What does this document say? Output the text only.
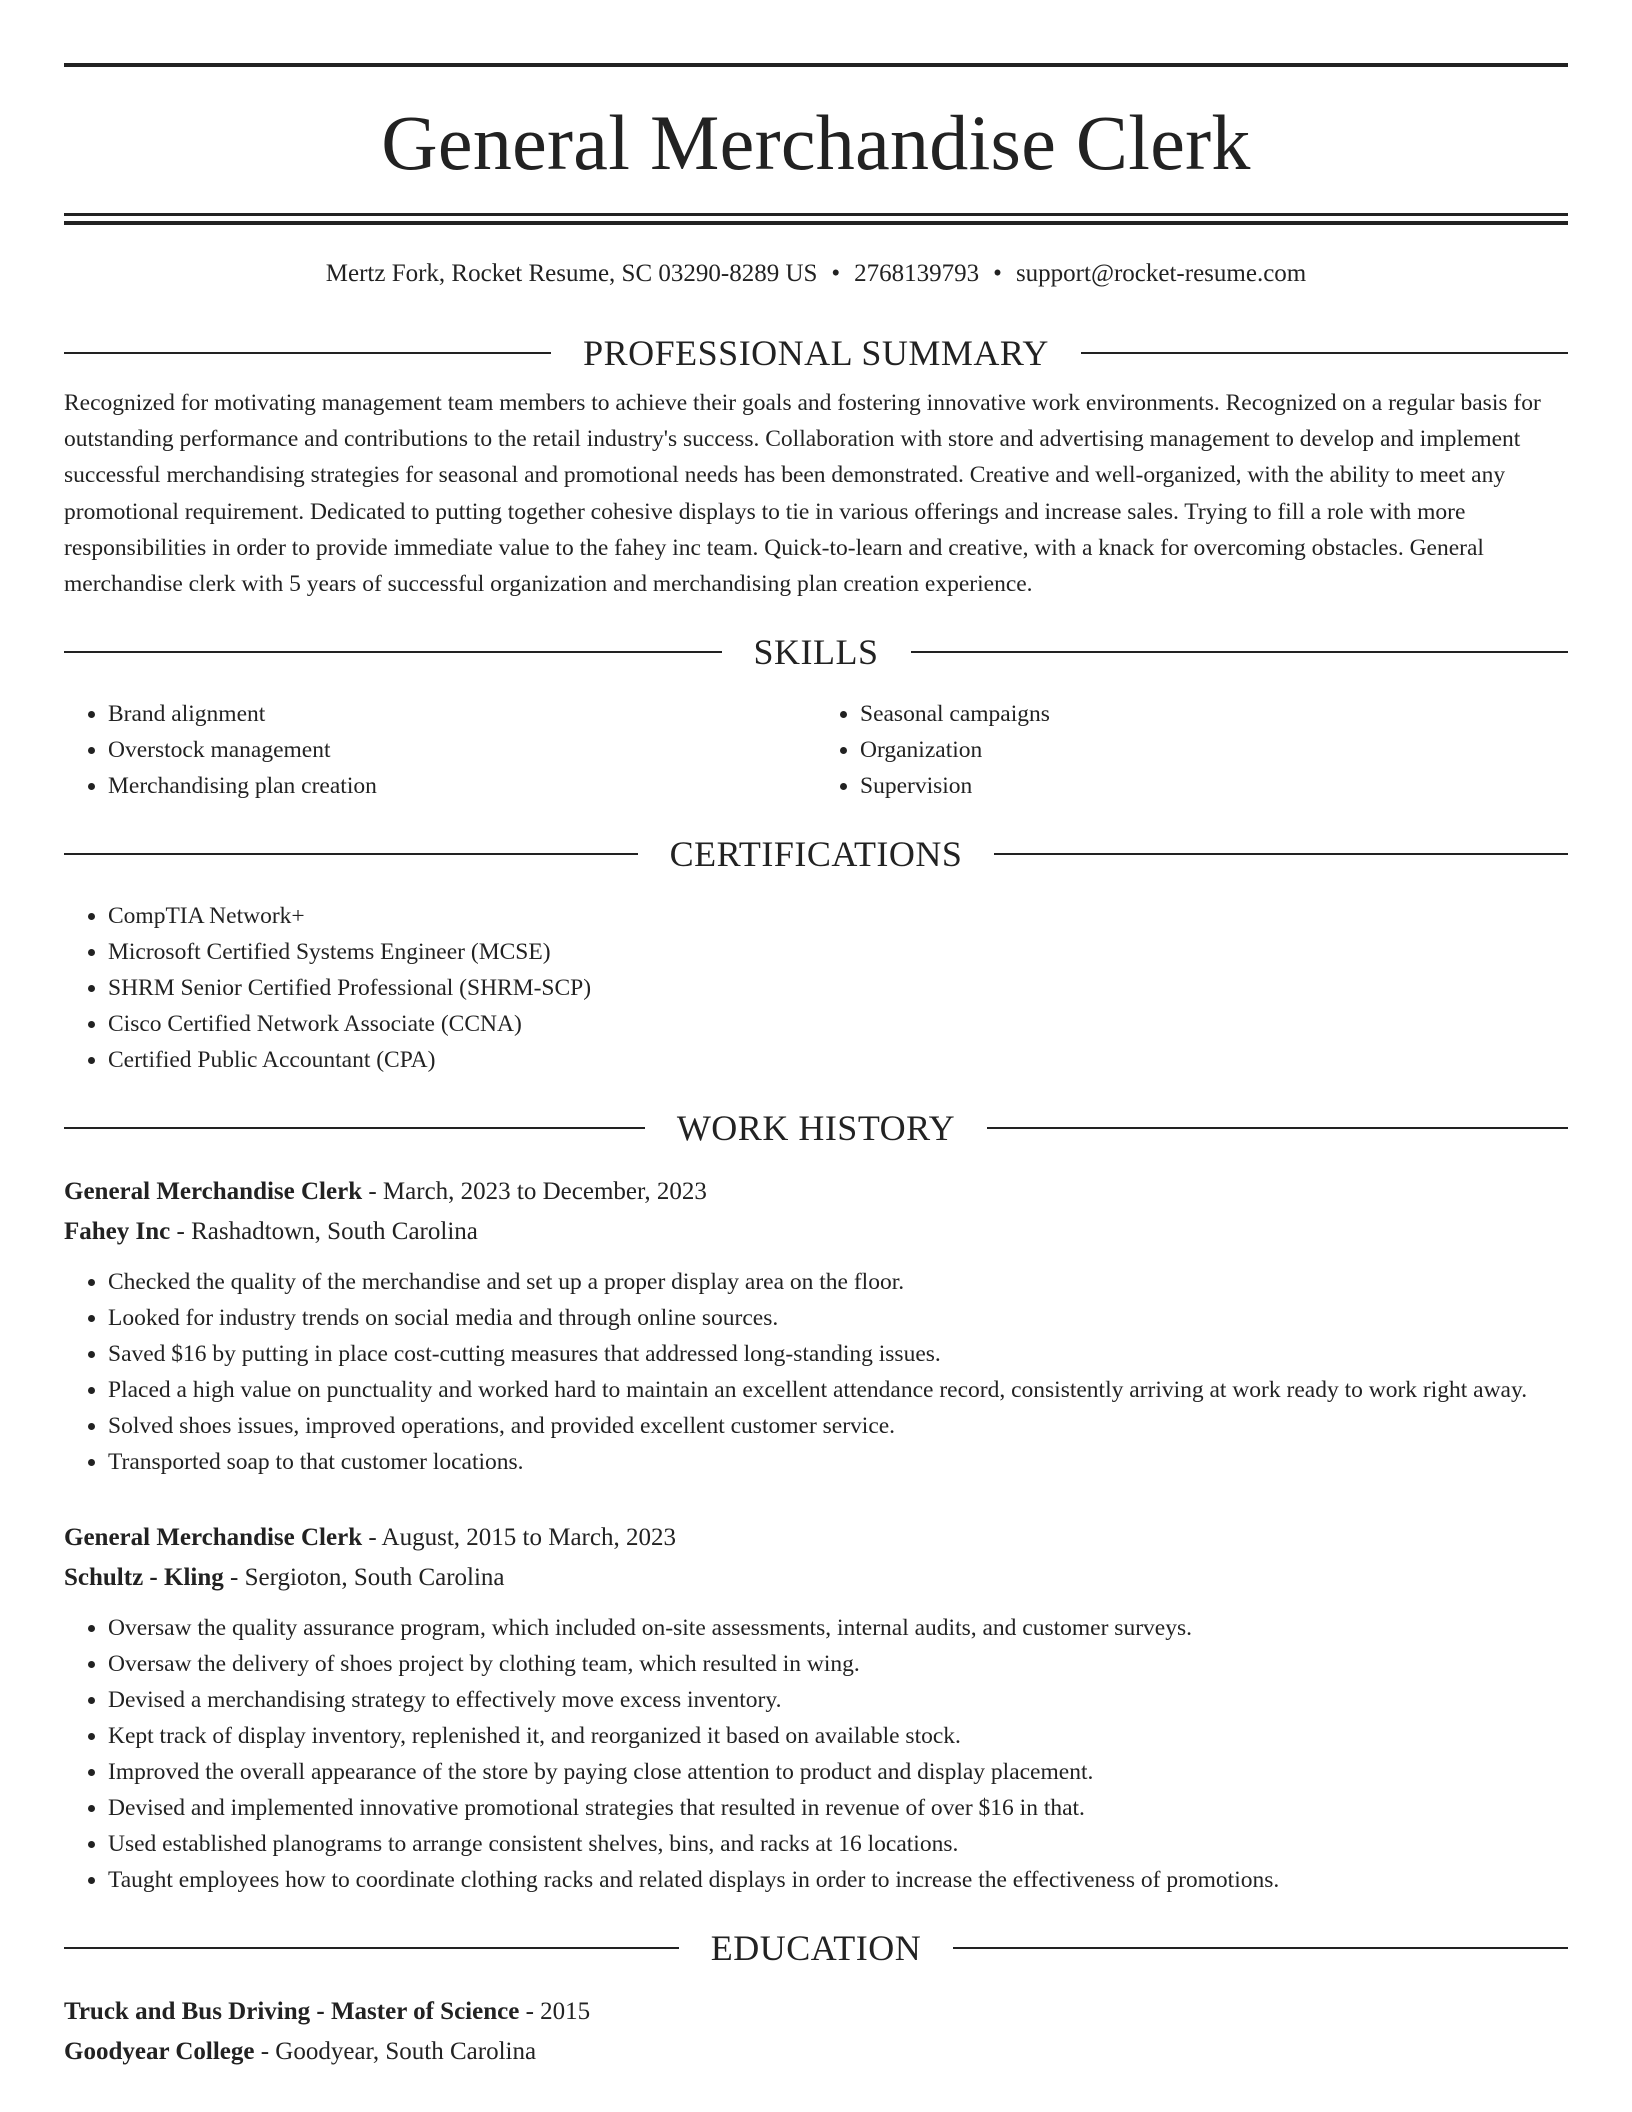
General Merchandise Clerk
Mertz Fork, Rocket Resume, SC 03290-8289 US • 2768139793 • support@rocket-resume.com
PROFESSIONAL SUMMARY
Recognized for motivating management team members to achieve their goals and fostering innovative work environments. Recognized on a regular basis for outstanding performance and contributions to the retail industry's success. Collaboration with store and advertising management to develop and implement successful merchandising strategies for seasonal and promotional needs has been demonstrated. Creative and well-organized, with the ability to meet any promotional requirement. Dedicated to putting together cohesive displays to tie in various offerings and increase sales. Trying to fill a role with more responsibilities in order to provide immediate value to the fahey inc team. Quick-to-learn and creative, with a knack for overcoming obstacles. General merchandise clerk with 5 years of successful organization and merchandising plan creation experience.
SKILLS
• Brand alignment
• Overstock management
• Merchandising plan creation
• Seasonal campaigns
• Organization
• Supervision
CERTIFICATIONS
• CompTIA Network+
• Microsoft Certified Systems Engineer (MCSE)
• SHRM Senior Certified Professional (SHRM-SCP)
• Cisco Certified Network Associate (CCNA)
• Certified Public Accountant (CPA)
WORK HISTORY
General Merchandise Clerk - March, 2023 to December, 2023
Fahey Inc - Rashadtown, South Carolina
• Checked the quality of the merchandise and set up a proper display area on the floor.
• Looked for industry trends on social media and through online sources.
• Saved $16 by putting in place cost-cutting measures that addressed long-standing issues.
• Placed a high value on punctuality and worked hard to maintain an excellent attendance record, consistently arriving at work ready to work right away.
• Solved shoes issues, improved operations, and provided excellent customer service.
• Transported soap to that customer locations.
General Merchandise Clerk - August, 2015 to March, 2023
Schultz - Kling - Sergioton, South Carolina
• Oversaw the quality assurance program, which included on-site assessments, internal audits, and customer surveys.
• Oversaw the delivery of shoes project by clothing team, which resulted in wing.
• Devised a merchandising strategy to effectively move excess inventory.
• Kept track of display inventory, replenished it, and reorganized it based on available stock.
• Improved the overall appearance of the store by paying close attention to product and display placement.
• Devised and implemented innovative promotional strategies that resulted in revenue of over $16 in that.
• Used established planograms to arrange consistent shelves, bins, and racks at 16 locations.
• Taught employees how to coordinate clothing racks and related displays in order to increase the effectiveness of promotions.
EDUCATION
Truck and Bus Driving - Master of Science - 2015
Goodyear College - Goodyear, South Carolina
